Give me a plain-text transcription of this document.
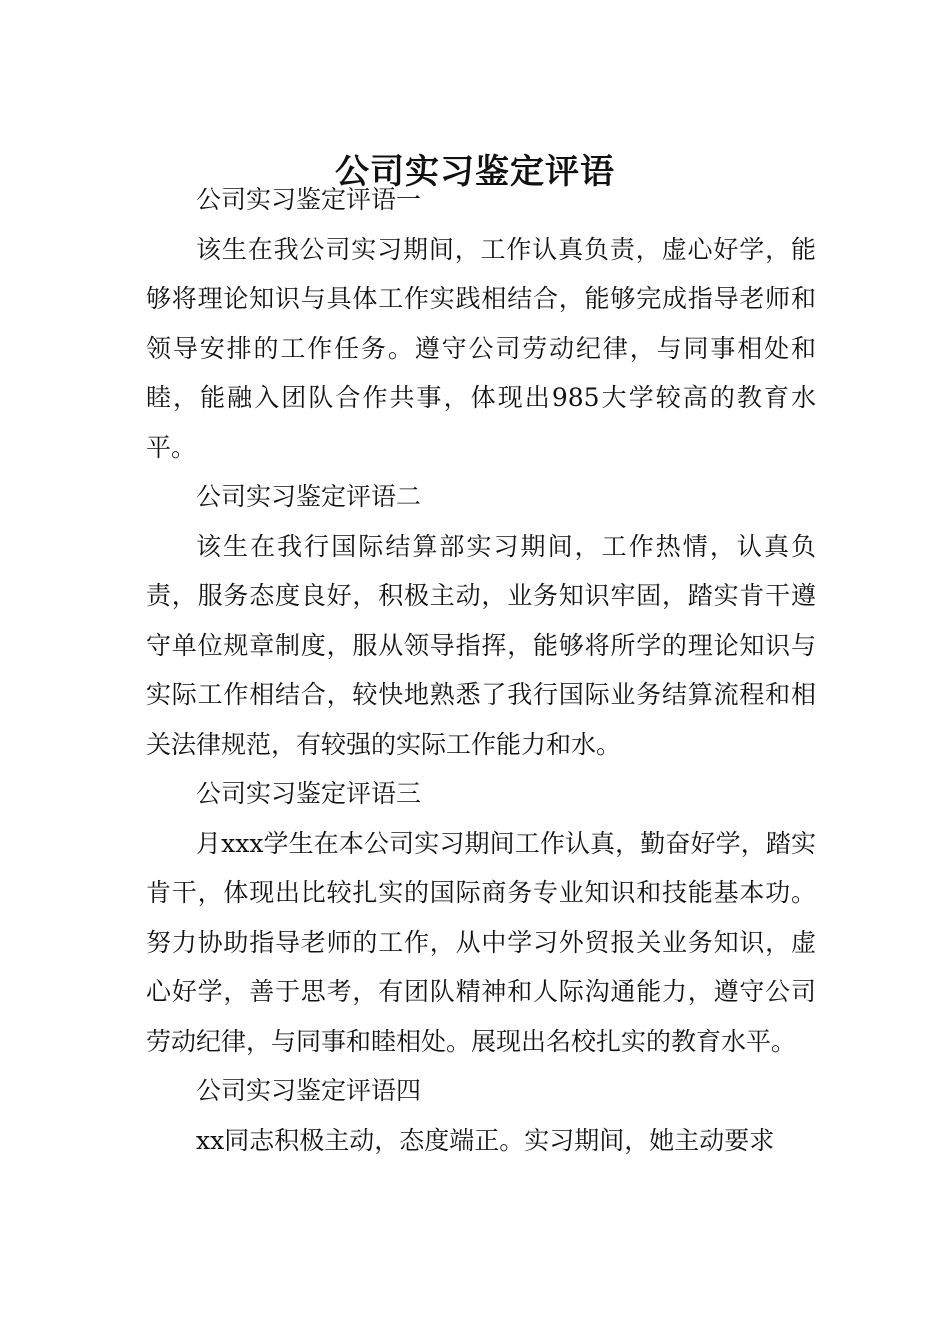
公司实习鉴定评语

公司实习鉴定评语一

该生在我公司实习期间，工作认真负责，虚心好学，能够将理论知识与具体工作实践相结合，能够完成指导老师和领导安排的工作任务。遵守公司劳动纪律，与同事相处和睦，能融入团队合作共事，体现出985大学较高的教育水平。

公司实习鉴定评语二

该生在我行国际结算部实习期间，工作热情，认真负责，服务态度良好，积极主动，业务知识牢固，踏实肯干遵守单位规章制度，服从领导指挥，能够将所学的理论知识与实际工作相结合，较快地熟悉了我行国际业务结算流程和相关法律规范，有较强的实际工作能力和水。

公司实习鉴定评语三

月xxx学生在本公司实习期间工作认真，勤奋好学，踏实肯干，体现出比较扎实的国际商务专业知识和技能基本功。努力协助指导老师的工作，从中学习外贸报关业务知识，虚心好学，善于思考，有团队精神和人际沟通能力，遵守公司劳动纪律，与同事和睦相处。展现出名校扎实的教育水平。

公司实习鉴定评语四

xx同志积极主动，态度端正。实习期间，她主动要求
